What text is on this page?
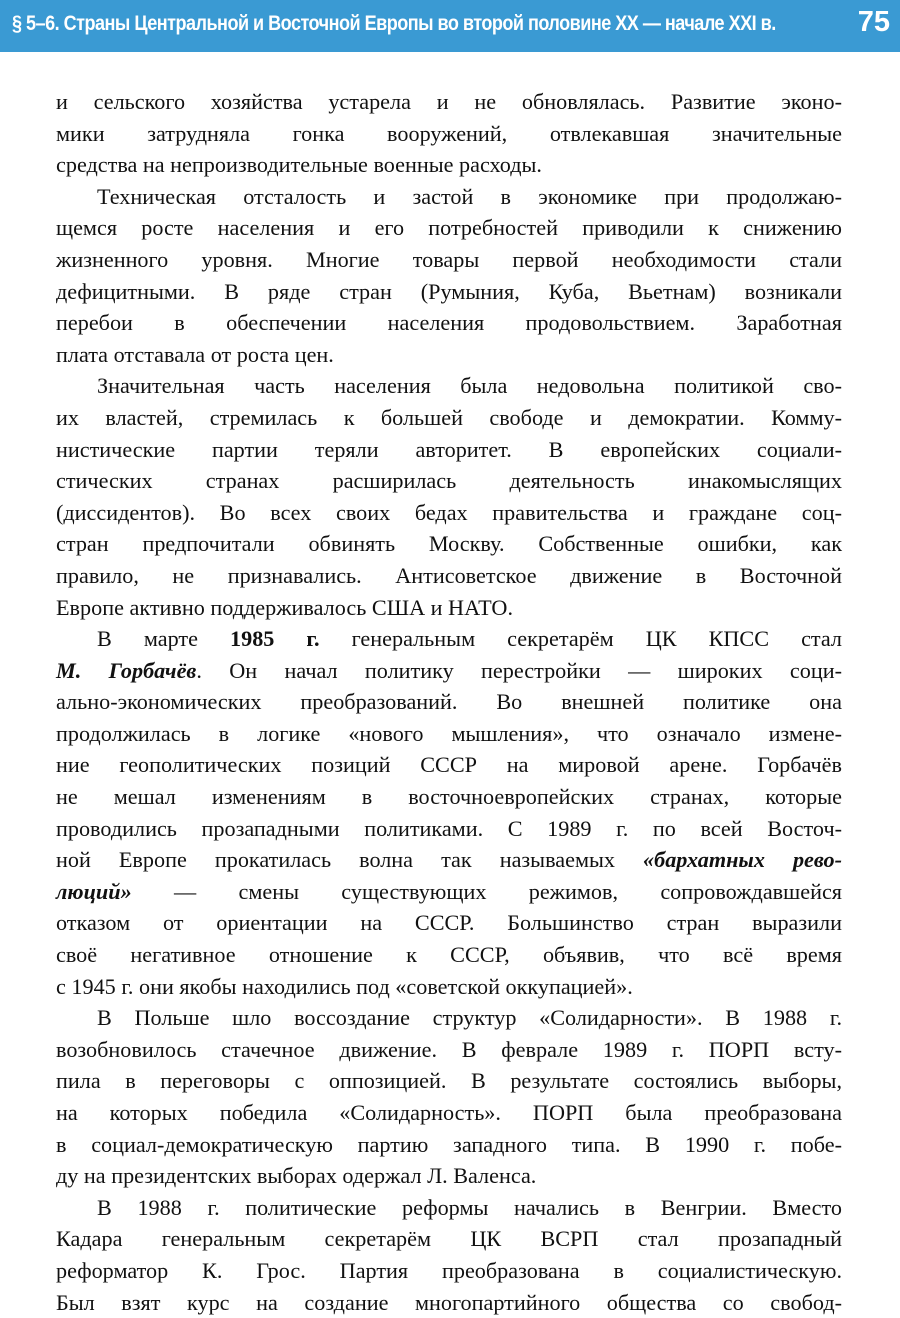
§ 5–6. Страны Центральной и Восточной Европы во второй половине XX — начале XXI в.	75
и сельского хозяйства устарела и не обновлялась. Развитие эконо-
мики затрудняла гонка вооружений, отвлекавшая значительные
средства на непроизводительные военные расходы.
Техническая отсталость и застой в экономике при продолжаю-
щемся росте населения и его потребностей приводили к снижению
жизненного уровня. Многие товары первой необходимости стали
дефицитными. В ряде стран (Румыния, Куба, Вьетнам) возникали
перебои в обеспечении населения продовольствием. Заработная
плата отставала от роста цен.
Значительная часть населения была недовольна политикой сво-
их властей, стремилась к большей свободе и демократии. Комму-
нистические партии теряли авторитет. В европейских социали-
стических странах расширилась деятельность инакомыслящих
(диссидентов). Во всех своих бедах правительства и граждане соц-
стран предпочитали обвинять Москву. Собственные ошибки, как
правило, не признавались. Антисоветское движение в Восточной
Европе активно поддерживалось США и НАТО.
В марте 1985 г. генеральным секретарём ЦК КПСС стал
М. Горбачёв. Он начал политику перестройки — широких соци-
ально-экономических преобразований. Во внешней политике она
продолжилась в логике «нового мышления», что означало измене-
ние геополитических позиций СССР на мировой арене. Горбачёв
не мешал изменениям в восточноевропейских странах, которые
проводились прозападными политиками. С 1989 г. по всей Восточ-
ной Европе прокатилась волна так называемых «бархатных рево-
люций» — смены существующих режимов, сопровождавшейся
отказом от ориентации на СССР. Большинство стран выразили
своё негативное отношение к СССР, объявив, что всё время
с 1945 г. они якобы находились под «советской оккупацией».
В Польше шло воссоздание структур «Солидарности». В 1988 г.
возобновилось стачечное движение. В феврале 1989 г. ПОРП всту-
пила в переговоры с оппозицией. В результате состоялись выборы,
на которых победила «Солидарность». ПОРП была преобразована
в социал-демократическую партию западного типа. В 1990 г. побе-
ду на президентских выборах одержал Л. Валенса.
В 1988 г. политические реформы начались в Венгрии. Вместо
Кадара генеральным секретарём ЦК ВСРП стал прозападный
реформатор К. Грос. Партия преобразована в социалистическую.
Был взят курс на создание многопартийного общества со свобод-
